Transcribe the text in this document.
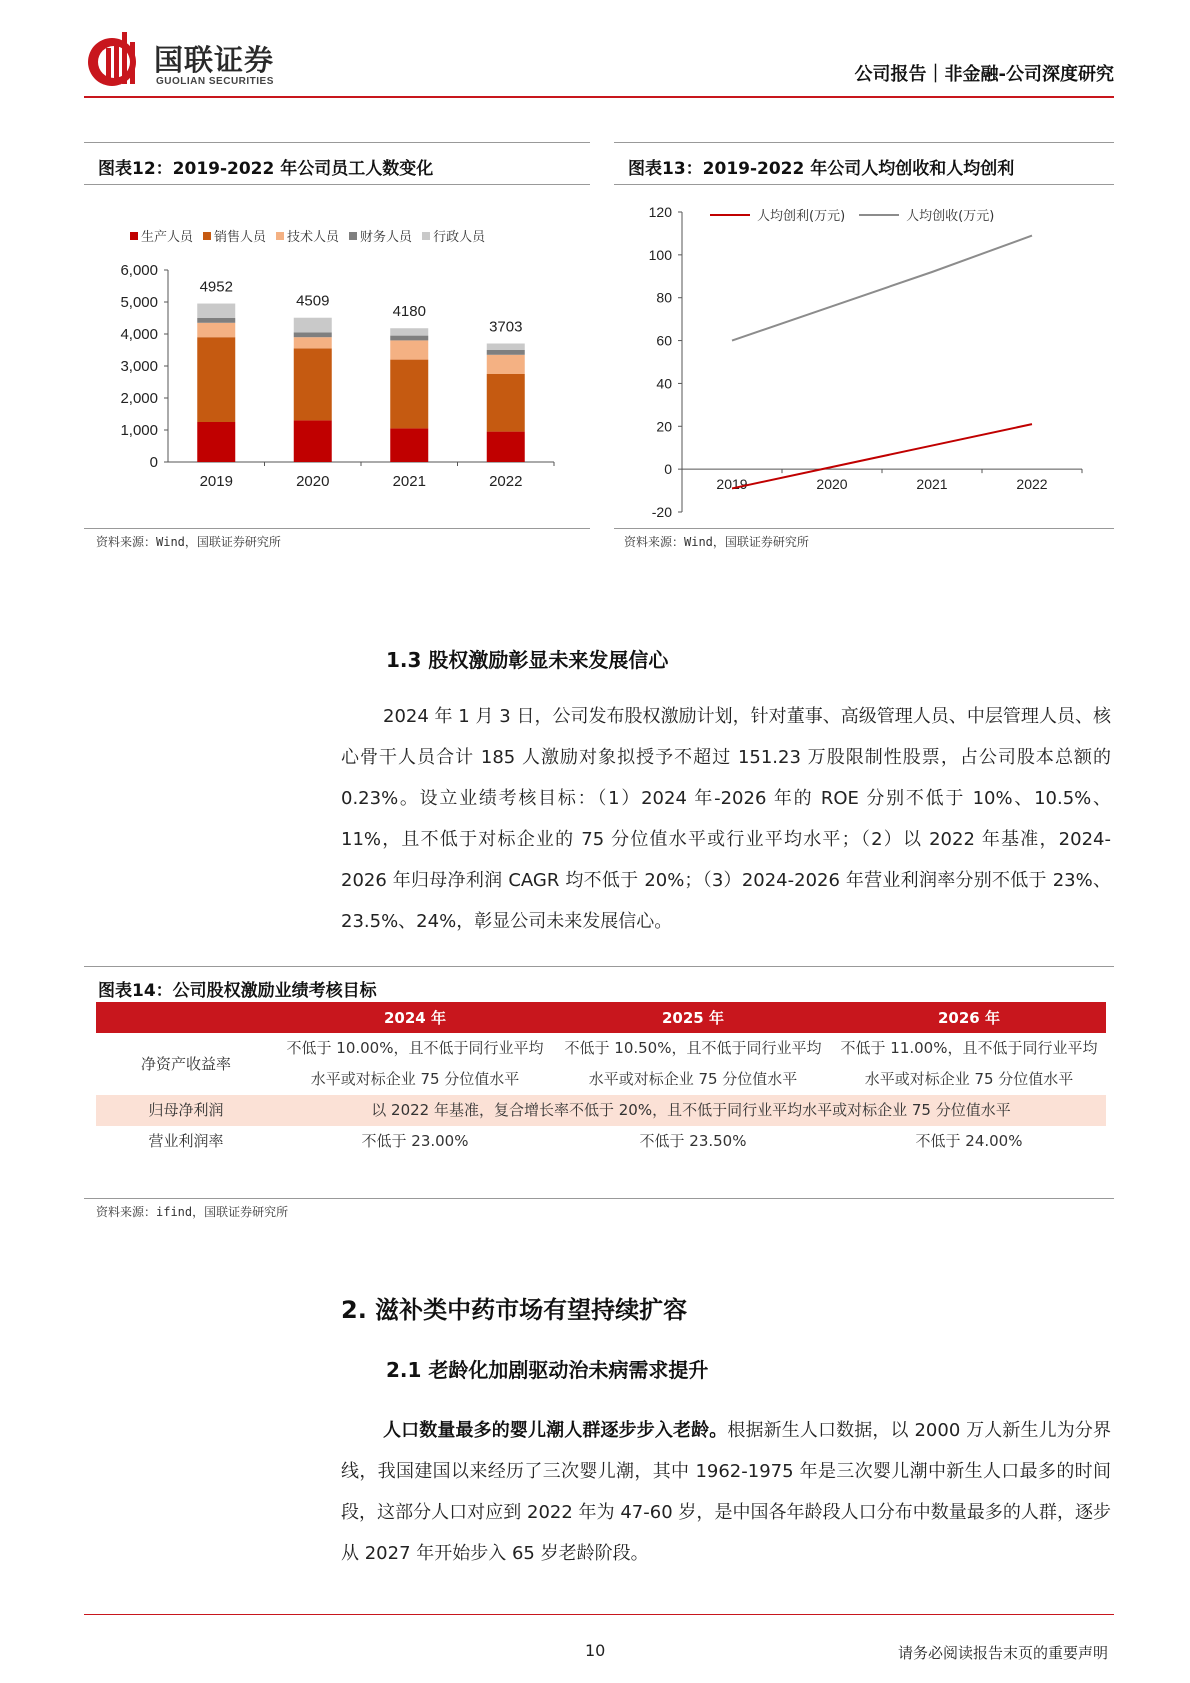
国联证券
GUOLIAN SECURITIES	公司报告｜非金融-公司深度研究
图表12：2019-2022 年公司员工人数变化
生产人员 销售人员 技术人员 财务人员 行政人员
0
1,000
2,000
3,000
4,000
5,000
6,000
4952
2019
4509
2020
4180
2021
3703
2022
资料来源：Wind，国联证券研究所
图表13：2019-2022 年公司人均创收和人均创利
人均创利(万元)	人均创收(万元)
-20
0
20
40
60
80
100
120
2019	2020	2021	2022
资料来源：Wind，国联证券研究所
1.3 股权激励彰显未来发展信心
2024 年 1 月 3 日，公司发布股权激励计划，针对董事、高级管理人员、中层管理人员、核心骨干人员合计 185 人激励对象拟授予不超过 151.23 万股限制性股票，占公司股本总额的 0.23%。设立业绩考核目标：（1）2024 年-2026 年的 ROE 分别不低于 10%、10.5%、11%，且不低于对标企业的 75 分位值水平或行业平均水平；（2）以 2022 年基准，2024-2026 年归母净利润 CAGR 均不低于 20%；（3）2024-2026 年营业利润率分别不低于 23%、23.5%、24%，彰显公司未来发展信心。
图表14：公司股权激励业绩考核目标
	2024 年	2025 年	2026 年
净资产收益率	不低于 10.00%，且不低于同行业平均水平或对标企业 75 分位值水平	不低于 10.50%，且不低于同行业平均水平或对标企业 75 分位值水平	不低于 11.00%，且不低于同行业平均水平或对标企业 75 分位值水平
归母净利润	以 2022 年基准，复合增长率不低于 20%，且不低于同行业平均水平或对标企业 75 分位值水平		
营业利润率	不低于 23.00%	不低于 23.50%	不低于 24.00%
资料来源：ifind，国联证券研究所
2. 滋补类中药市场有望持续扩容
2.1 老龄化加剧驱动治未病需求提升
人口数量最多的婴儿潮人群逐步步入老龄。根据新生人口数据，以 2000 万人新生儿为分界线，我国建国以来经历了三次婴儿潮，其中 1962-1975 年是三次婴儿潮中新生人口最多的时间段，这部分人口对应到 2022 年为 47-60 岁，是中国各年龄段人口分布中数量最多的人群，逐步从 2027 年开始步入 65 岁老龄阶段。
10	请务必阅读报告末页的重要声明
